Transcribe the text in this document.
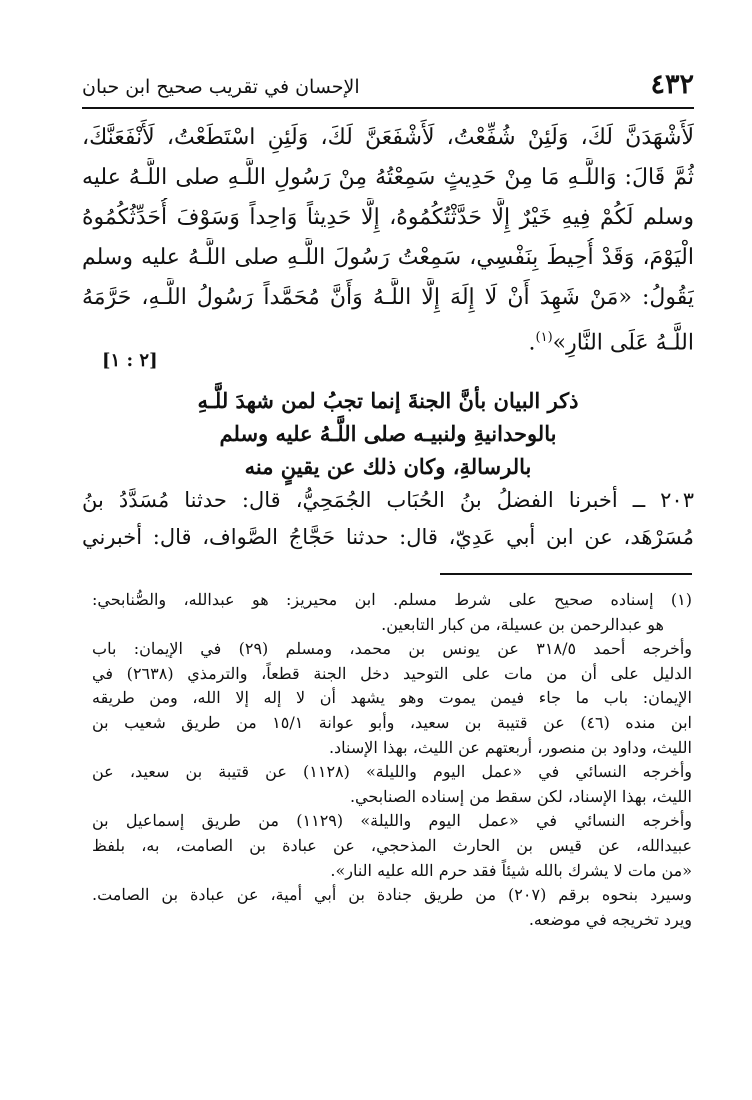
٤٣٢
الإحسان في تقريب صحيح ابن حبان
لَأَشْهَدَنَّ لَكَ، وَلَئِنْ شُفِّعْتُ، لَأَشْفَعَنَّ لَكَ، وَلَئِنِ اسْتَطَعْتُ، لَأَنْفَعَنَّكَ،
ثُمَّ قَالَ: وَاللَّـهِ مَا مِنْ حَدِيثٍ سَمِعْتُهُ مِنْ رَسُولِ اللَّـهِ صلى اللَّـهُ عليه
وسلم لَكُمْ فِيهِ خَيْرٌ إِلَّا حَدَّثْتُكُمُوهُ، إِلَّا حَدِيثاً وَاحِداً وَسَوْفَ أُحَدِّثُكُمُوهُ
الْيَوْمَ، وَقَدْ أُحِيطَ بِنَفْسِي، سَمِعْتُ رَسُولَ اللَّـهِ صلى اللَّـهُ عليه وسلم
يَقُولُ: «مَنْ شَهِدَ أَنْ لَا إِلَهَ إِلَّا اللَّـهُ وَأَنَّ مُحَمَّداً رَسُولُ اللَّـهِ، حَرَّمَهُ
اللَّـهُ عَلَى النَّارِ»$^{(١)}$.
[٢ : ١]
ذكر البيان بأنَّ الجنةَ إنما تجبُ لمن شهدَ للَّـهِ
بالوحدانيةِ ولنبيـه صلى اللَّـهُ عليه وسلم
بالرسالةِ، وكان ذلك عن يقينٍ منه
٢٠٣ ــ أخبرنا الفضلُ بنُ الحُبَاب الجُمَحِيُّ، قال: حدثنا مُسَدَّدُ بنُ
مُسَرْهَد، عن ابن أبي عَدِيّ، قال: حدثنا حَجَّاجُ الصَّواف، قال: أخبرني
(١) إسناده صحيح على شرط مسلم. ابن محيريز: هو عبدالله، والصُّنابحي:
هو عبدالرحمن بن عسيلة، من كبار التابعين.
وأخرجه أحمد ٣١٨/٥ عن يونس بن محمد، ومسلم (٢٩) في الإيمان: باب
الدليل على أن من مات على التوحيد دخل الجنة قطعاً، والترمذي (٢٦٣٨) في
الإيمان: باب ما جاء فيمن يموت وهو يشهد أن لا إله إلا الله، ومن طريقه
ابن منده (٤٦) عن قتيبة بن سعيد، وأبو عوانة ١٥/١ من طريق شعيب بن
الليث، وداود بن منصور، أربعتهم عن الليث، بهذا الإسناد.
وأخرجه النسائي في «عمل اليوم والليلة» (١١٢٨) عن قتيبة بن سعيد، عن
الليث، بهذا الإسناد، لكن سقط من إسناده الصنابحي.
وأخرجه النسائي في «عمل اليوم والليلة» (١١٢٩) من طريق إسماعيل بن
عبيدالله، عن قيس بن الحارث المذحجي، عن عبادة بن الصامت، به، بلفظ
«من مات لا يشرك بالله شيئاً فقد حرم الله عليه النار».
وسيرد بنحوه برقم (٢٠٧) من طريق جنادة بن أبي أمية، عن عبادة بن الصامت.
ويرد تخريجه في موضعه.
